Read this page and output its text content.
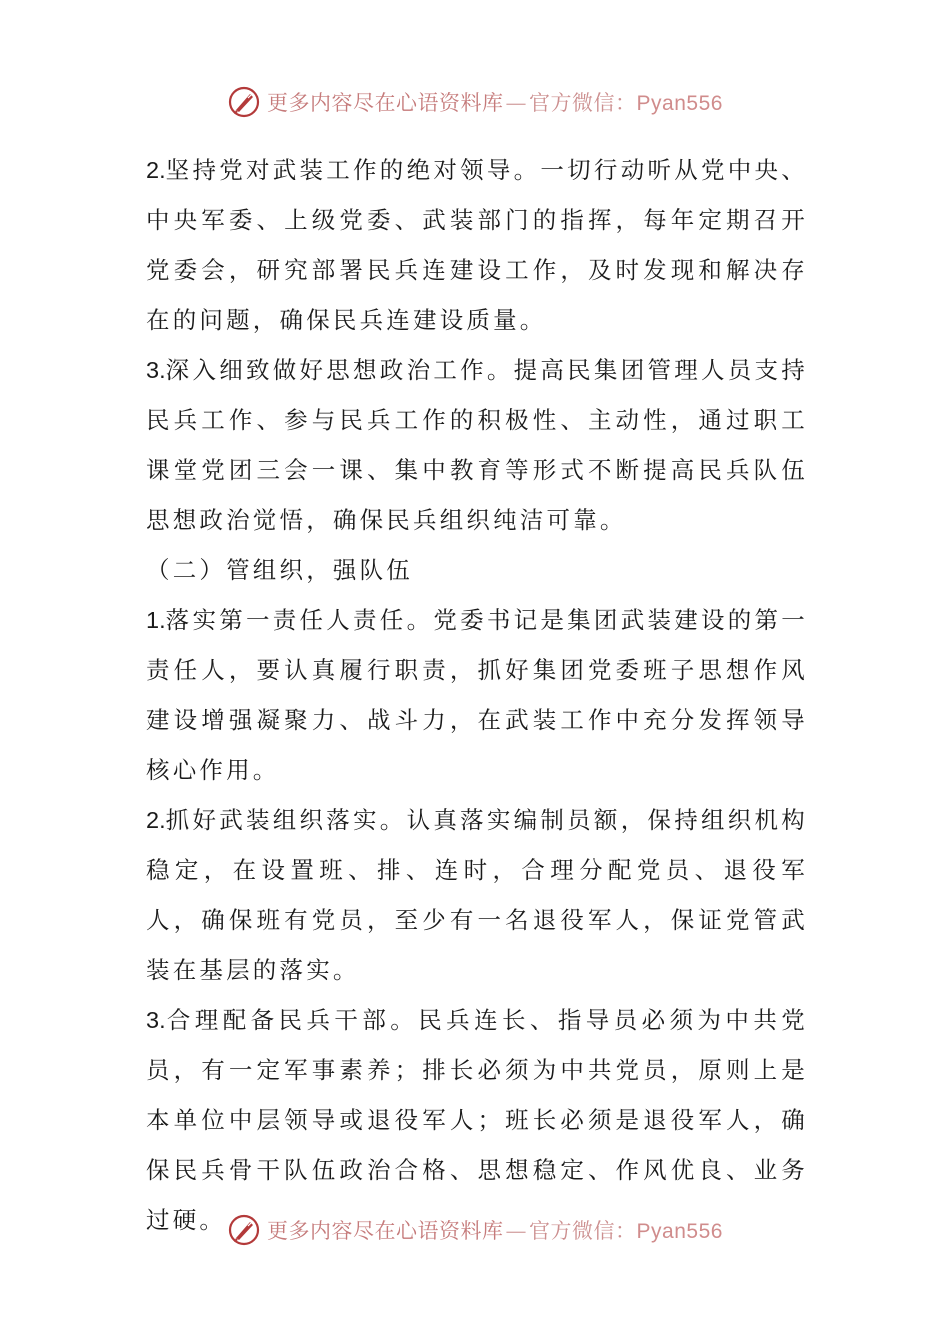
更多内容尽在心语资料库—官方微信：Pyan556

2.坚持党对武装工作的绝对领导。一切行动听从党中央、中央军委、上级党委、武装部门的指挥，每年定期召开党委会，研究部署民兵连建设工作，及时发现和解决存在的问题，确保民兵连建设质量。

3.深入细致做好思想政治工作。提高民集团管理人员支持民兵工作、参与民兵工作的积极性、主动性，通过职工课堂党团三会一课、集中教育等形式不断提高民兵队伍思想政治觉悟，确保民兵组织纯洁可靠。

（二）管组织，强队伍

1.落实第一责任人责任。党委书记是集团武装建设的第一责任人，要认真履行职责，抓好集团党委班子思想作风建设增强凝聚力、战斗力，在武装工作中充分发挥领导核心作用。

2.抓好武装组织落实。认真落实编制员额，保持组织机构稳定，在设置班、排、连时，合理分配党员、退役军人，确保班有党员，至少有一名退役军人，保证党管武装在基层的落实。

3.合理配备民兵干部。民兵连长、指导员必须为中共党员，有一定军事素养；排长必须为中共党员，原则上是本单位中层领导或退役军人；班长必须是退役军人，确保民兵骨干队伍政治合格、思想稳定、作风优良、业务过硬。	更多内容尽在心语资料库—官方微信：Pyan556
